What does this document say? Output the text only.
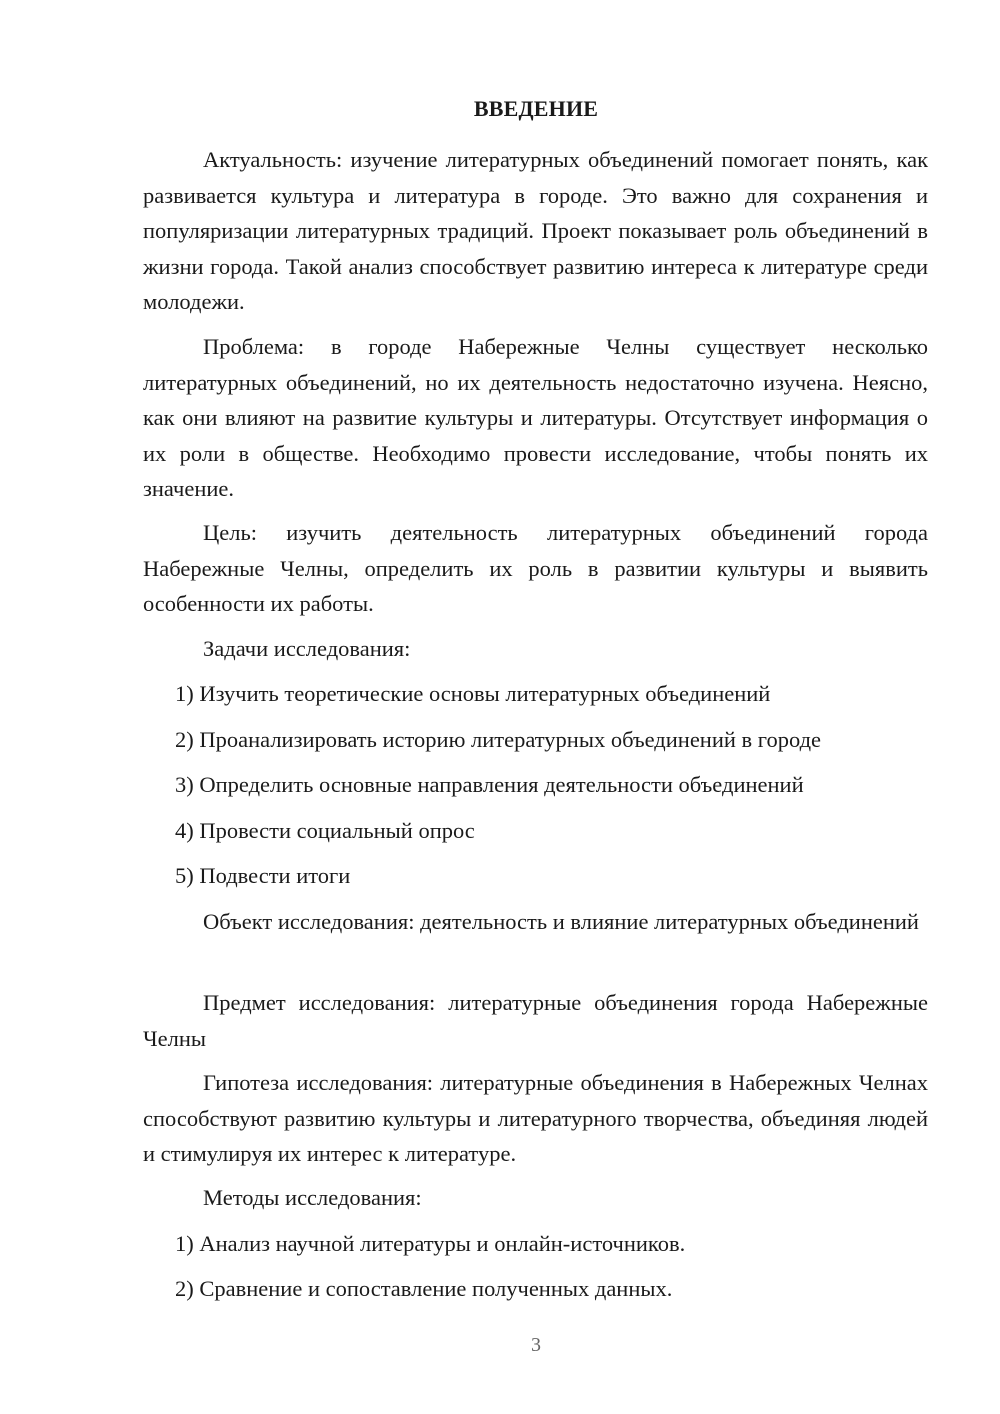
ВВЕДЕНИЕ

Актуальность: изучение литературных объединений помогает понять, как развивается культура и литература в городе. Это важно для сохранения и популяризации литературных традиций. Проект показывает роль объединений в жизни города. Такой анализ способствует развитию интереса к литературе среди молодежи.

Проблема: в городе Набережные Челны существует несколько литературных объединений, но их деятельность недостаточно изучена. Неясно, как они влияют на развитие культуры и литературы. Отсутствует информация о их роли в обществе. Необходимо провести исследование, чтобы понять их значение.

Цель: изучить деятельность литературных объединений города Набережные Челны, определить их роль в развитии культуры и выявить особенности их работы.

Задачи исследования:

1) Изучить теоретические основы литературных объединений

2) Проанализировать историю литературных объединений в городе

3) Определить основные направления деятельности объединений

4) Провести социальный опрос

5) Подвести итоги

Объект исследования: деятельность и влияние литературных объединений

Предмет исследования: литературные объединения города Набережные Челны

Гипотеза исследования: литературные объединения в Набережных Челнах способствуют развитию культуры и литературного творчества, объединяя людей и стимулируя их интерес к литературе.

Методы исследования:

1) Анализ научной литературы и онлайн-источников.

2) Сравнение и сопоставление полученных данных.

3
